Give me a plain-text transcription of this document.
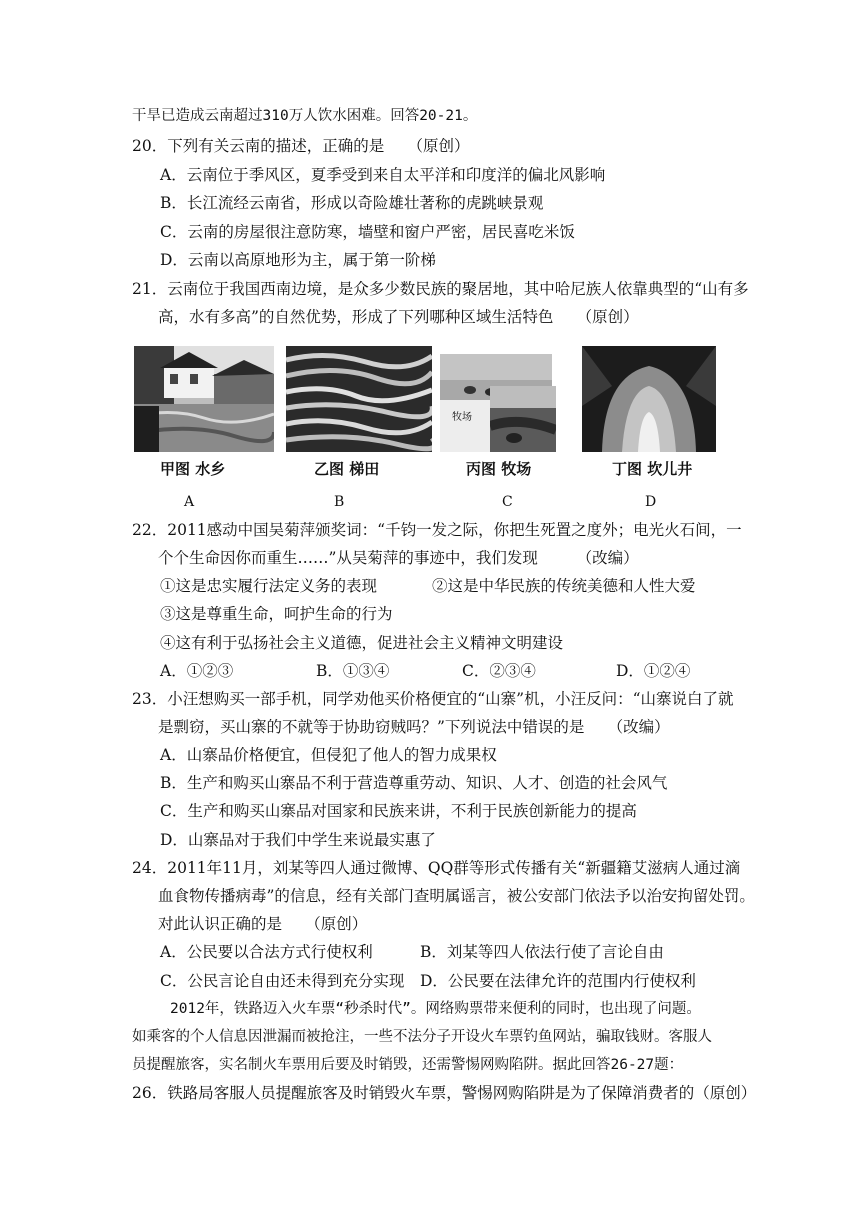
干旱已造成云南超过310万人饮水困难。回答20-21。
20．下列有关云南的描述，正确的是　　（原创）
A．云南位于季风区，夏季受到来自太平洋和印度洋的偏北风影响
B．长江流经云南省，形成以奇险雄壮著称的虎跳峡景观
C．云南的房屋很注意防寒，墙壁和窗户严密，居民喜吃米饭
D．云南以高原地形为主，属于第一阶梯
21．云南位于我国西南边境，是众多少数民族的聚居地，其中哈尼族人依靠典型的“山有多
高，水有多高”的自然优势，形成了下列哪种区域生活特色　　（原创）
牧场
甲图 水乡	乙图 梯田	丙图 牧场	丁图 坎儿井
A	B	C	D
22．2011感动中国吴菊萍颁奖词：“千钧一发之际，你把生死置之度外；电光火石间，一
个个生命因你而重生……”从吴菊萍的事迹中，我们发现　　　（改编）
①这是忠实履行法定义务的表现	②这是中华民族的传统美德和人性大爱
③这是尊重生命，呵护生命的行为
④这有利于弘扬社会主义道德，促进社会主义精神文明建设
A．①②③	B．①③④	C．②③④	D．①②④
23．小汪想购买一部手机，同学劝他买价格便宜的“山寨”机，小汪反问：“山寨说白了就
是剽窃，买山寨的不就等于协助窃贼吗？”下列说法中错误的是　　（改编）
A．山寨品价格便宜，但侵犯了他人的智力成果权
B．生产和购买山寨品不利于营造尊重劳动、知识、人才、创造的社会风气
C．生产和购买山寨品对国家和民族来讲，不利于民族创新能力的提高
D．山寨品对于我们中学生来说最实惠了
24．2011年11月，刘某等四人通过微博、QQ群等形式传播有关“新疆籍艾滋病人通过滴
血食物传播病毒”的信息，经有关部门查明属谣言，被公安部门依法予以治安拘留处罚。
对此认识正确的是　　（原创）
A．公民要以合法方式行使权利	B．刘某等四人依法行使了言论自由
C．公民言论自由还未得到充分实现 D．公民要在法律允许的范围内行使权利
2012年，铁路迈入火车票“秒杀时代”。网络购票带来便利的同时，也出现了问题。
如乘客的个人信息因泄漏而被抢注，一些不法分子开设火车票钓鱼网站，骗取钱财。客服人
员提醒旅客，实名制火车票用后要及时销毁，还需警惕网购陷阱。据此回答26-27题：
26．铁路局客服人员提醒旅客及时销毁火车票，警惕网购陷阱是为了保障消费者的（原创）
